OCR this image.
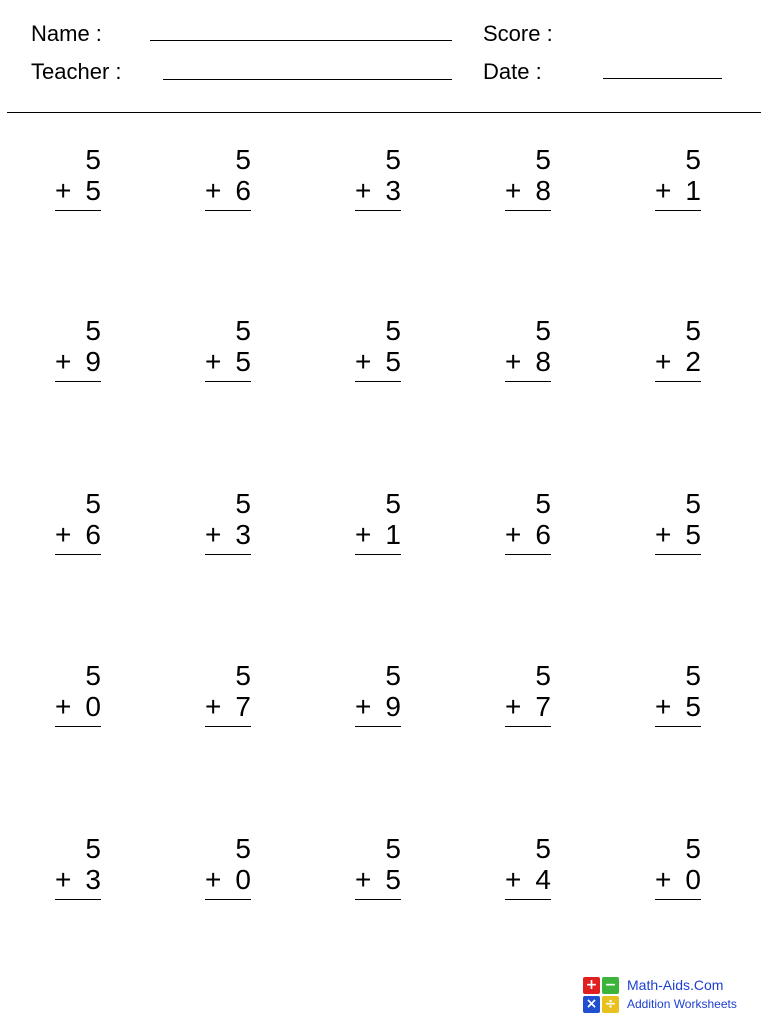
Name :
Teacher :
Score :
Date :
5
+ 5
5
+ 6
5
+ 3
5
+ 8
5
+ 1
5
+ 9
5
+ 5
5
+ 5
5
+ 8
5
+ 2
5
+ 6
5
+ 3
5
+ 1
5
+ 6
5
+ 5
5
+ 0
5
+ 7
5
+ 9
5
+ 7
5
+ 5
5
+ 3
5
+ 0
5
+ 5
5
+ 4
5
+ 0
+ −
× ÷
Math-Aids.Com
Addition Worksheets
